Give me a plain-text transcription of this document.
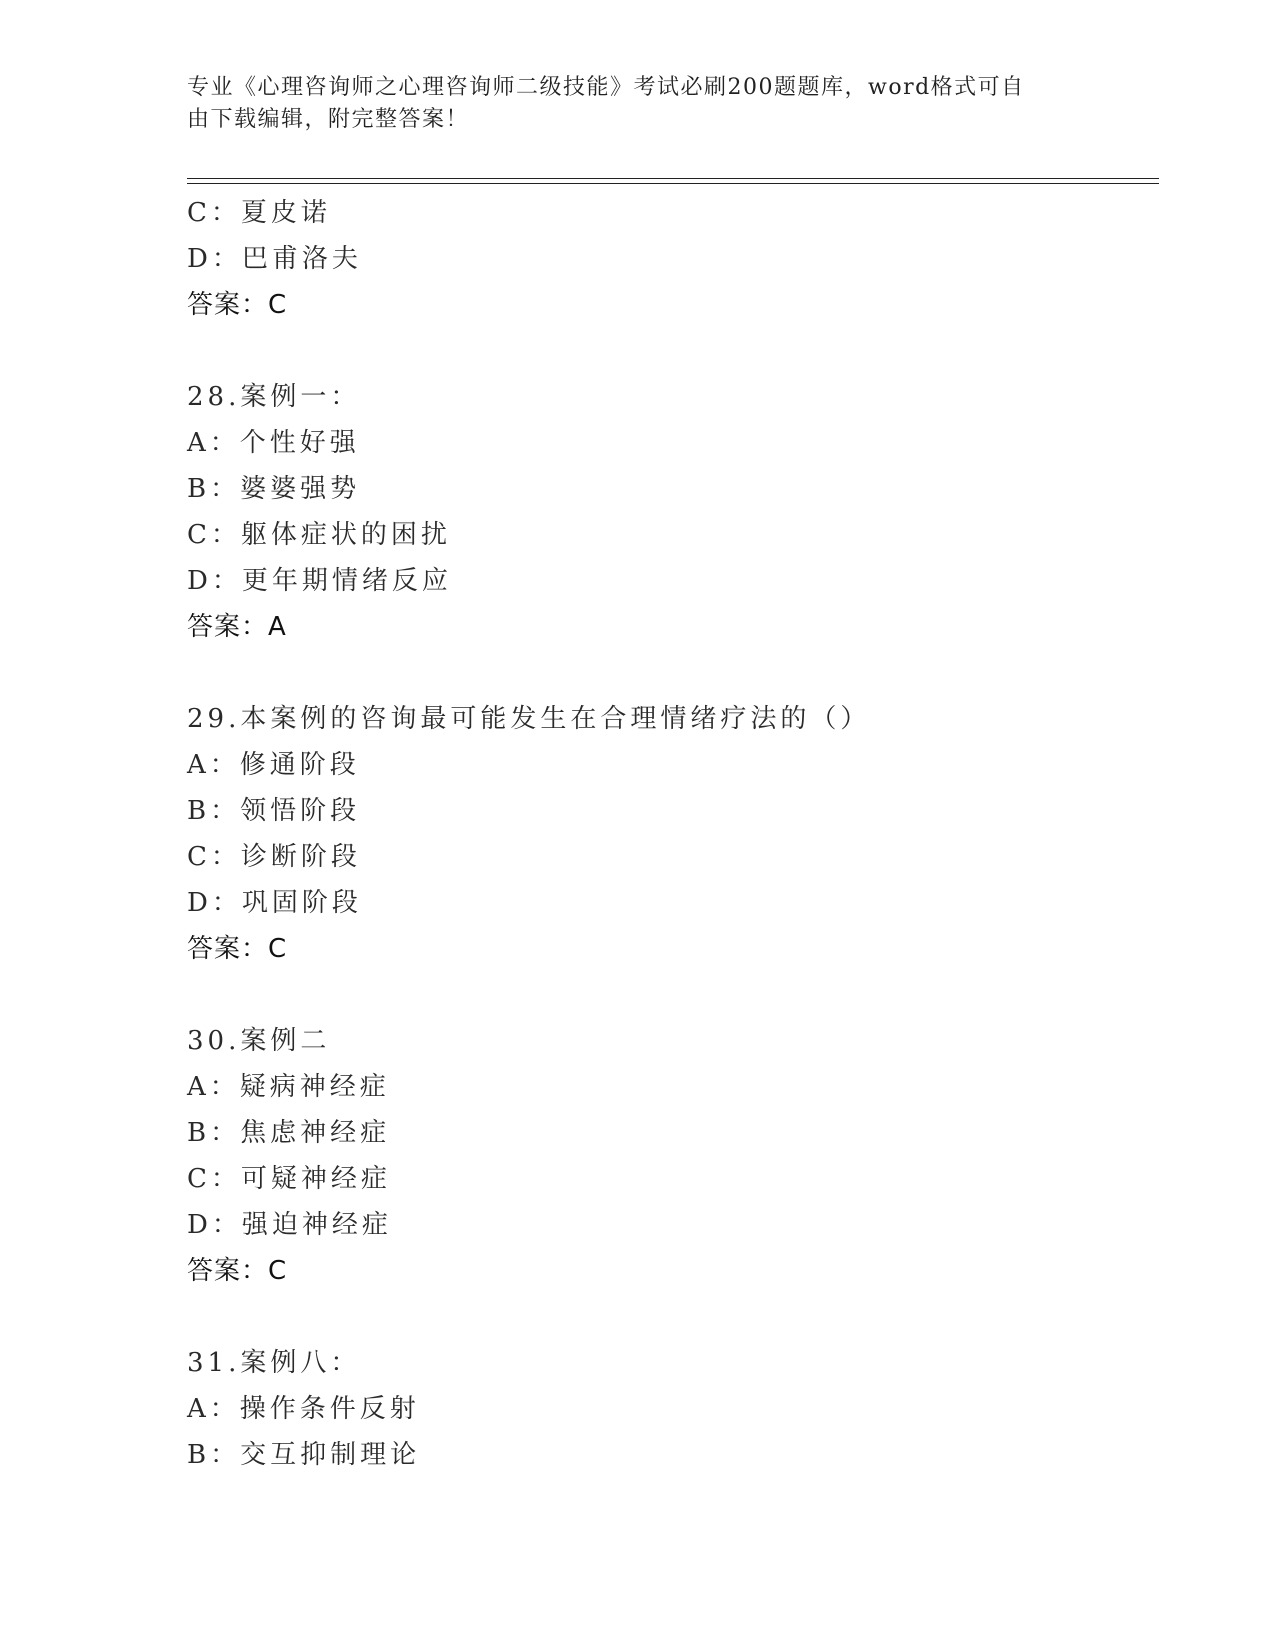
专业《心理咨询师之心理咨询师二级技能》考试必刷200题题库，word格式可自
由下载编辑，附完整答案！
C：夏皮诺
D：巴甫洛夫
答案：C
28.案例一：
A：个性好强
B：婆婆强势
C：躯体症状的困扰
D：更年期情绪反应
答案：A
29.本案例的咨询最可能发生在合理情绪疗法的（）
A：修通阶段
B：领悟阶段
C：诊断阶段
D：巩固阶段
答案：C
30.案例二
A：疑病神经症
B：焦虑神经症
C：可疑神经症
D：强迫神经症
答案：C
31.案例八：
A：操作条件反射
B：交互抑制理论
